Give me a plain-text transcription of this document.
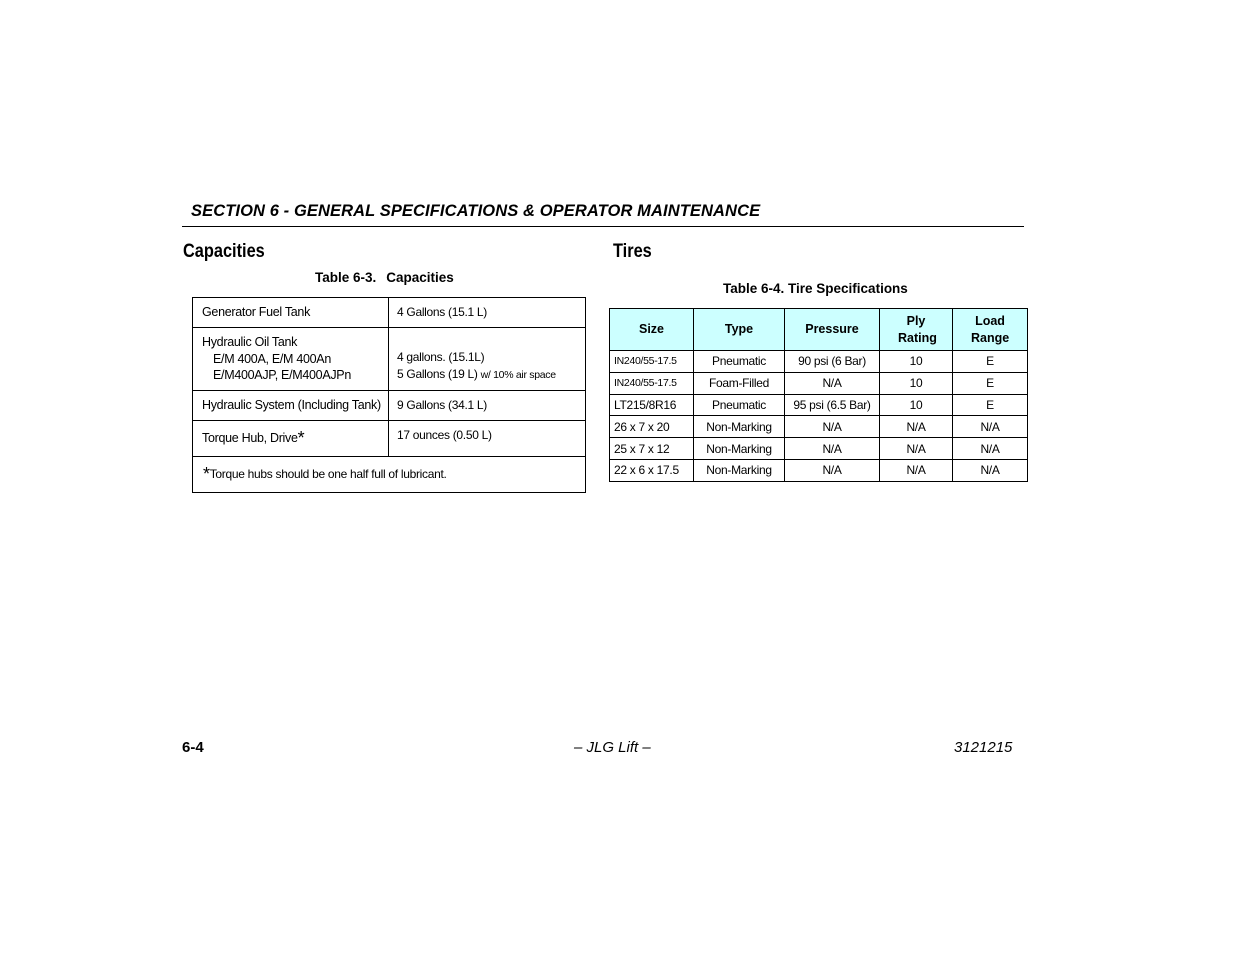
SECTION 6 - GENERAL SPECIFICATIONS & OPERATOR MAINTENANCE
Capacities
Table 6-3. Capacities
Generator Fuel Tank	4 Gallons (15.1 L)

Hydraulic Oil Tank
E/M 400A, E/M 400An
E/M400AJP, E/M400AJPn	4 gallons. (15.1L)
5 Gallons (19 L) w/ 10% air space

Hydraulic System (Including Tank)	9 Gallons (34.1 L)
Torque Hub, Drive*	17 ounces (0.50 L)
*Torque hubs should be one half full of lubricant.	
Tires
Table 6-4. Tire Specifications
Size	Type	Pressure	Ply Rating	Load Range
IN240/55-17.5	Pneumatic	90 psi (6 Bar)	10	E
IN240/55-17.5	Foam-Filled	N/A	10	E
LT215/8R16	Pneumatic	95 psi (6.5 Bar)	10	E
26 x 7 x 20	Non-Marking	N/A	N/A	N/A
25 x 7 x 12	Non-Marking	N/A	N/A	N/A
22 x 6 x 17.5	Non-Marking	N/A	N/A	N/A
6-4	– JLG Lift –	3121215
